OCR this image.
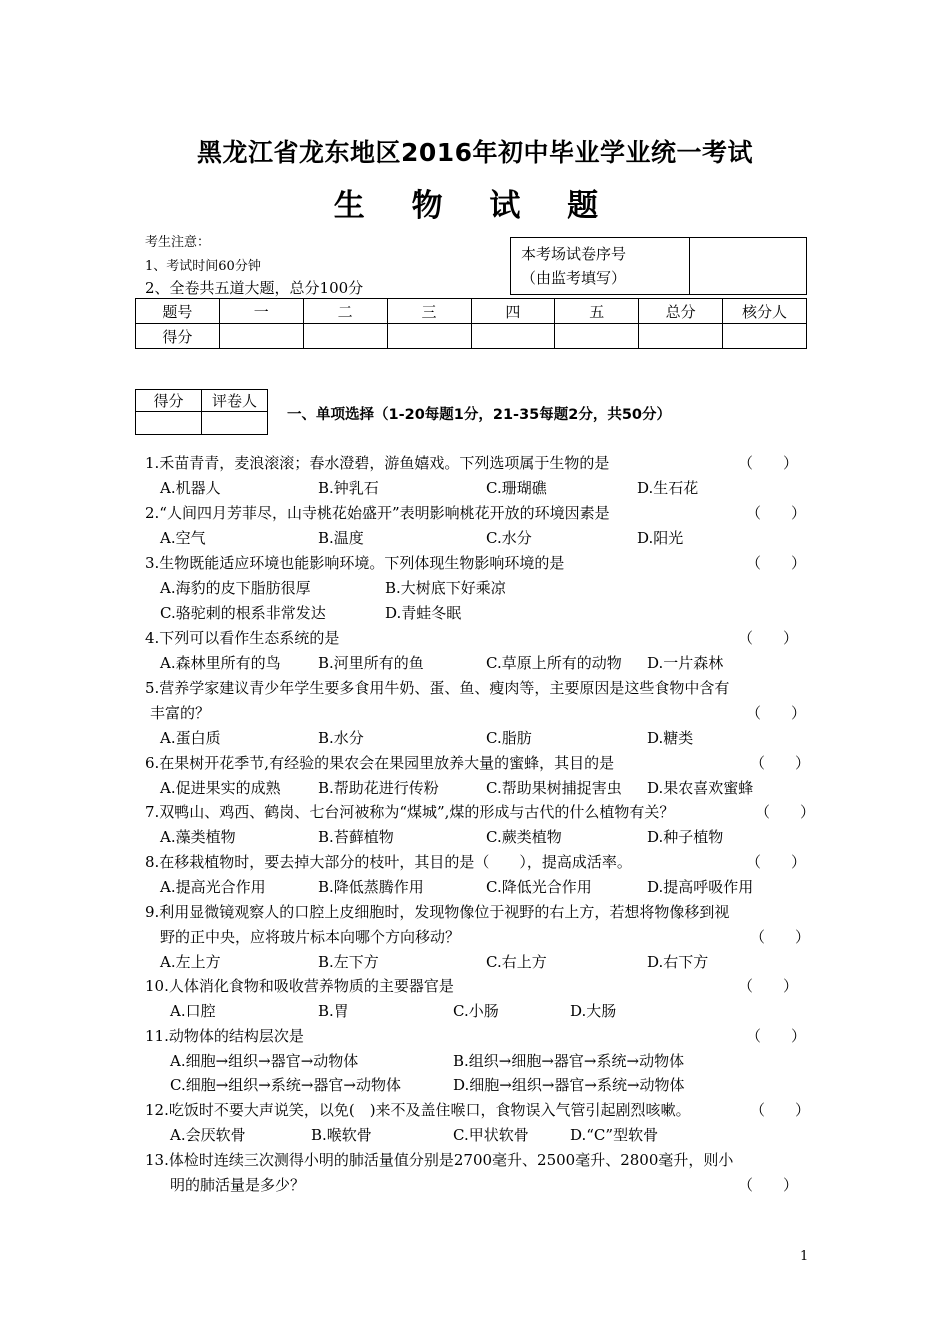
黑龙江省龙东地区2016年初中毕业学业统一考试
生 物 试 题
考生注意：
1、考试时间60分钟
2、全卷共五道大题，总分100分
本考场试卷序号
（由监考填写）

题号	一	二	三	四	五	总分	核分人
得分							
得分	评卷人

一、单项选择（1-20每题1分，21-35每题2分，共50分）
1.禾苗青青，麦浪滚滚；春水澄碧，游鱼嬉戏。下列选项属于生物的是	（　　）
A.机器人	B.钟乳石	C.珊瑚礁	D.生石花
2.“人间四月芳菲尽，山寺桃花始盛开”表明影响桃花开放的环境因素是	（　　）
A.空气	B.温度	C.水分	D.阳光
3.生物既能适应环境也能影响环境。下列体现生物影响环境的是	（　　）
A.海豹的皮下脂肪很厚	B.大树底下好乘凉
C.骆驼刺的根系非常发达	D.青蛙冬眠
4.下列可以看作生态系统的是	（　　）
A.森林里所有的鸟 B.河里所有的鱼	C.草原上所有的动物 D.一片森林
5.营养学家建议青少年学生要多食用牛奶、蛋、鱼、瘦肉等，主要原因是这些食物中含有
丰富的？	（　　）
A.蛋白质	B.水分	C.脂肪	D.糖类
6.在果树开花季节,有经验的果农会在果园里放养大量的蜜蜂，其目的是	（　　）
A.促进果实的成熟 B.帮助花进行传粉	C.帮助果树捕捉害虫 D.果农喜欢蜜蜂
7.双鸭山、鸡西、鹤岗、七台河被称为“煤城”,煤的形成与古代的什么植物有关？	（　　）
A.藻类植物	B.苔藓植物	C.蕨类植物	D.种子植物
8.在移栽植物时，要去掉大部分的枝叶，其目的是（　　），提高成活率。	（　　）
A.提高光合作用	B.降低蒸腾作用	C.降低光合作用	D.提高呼吸作用
9.利用显微镜观察人的口腔上皮细胞时，发现物像位于视野的右上方，若想将物像移到视
野的正中央，应将玻片标本向哪个方向移动？	（　　）
A.左上方	B.左下方	C.右上方	D.右下方
10.人体消化食物和吸收营养物质的主要器官是	（　　）
A.口腔	B.胃	C.小肠	D.大肠
11.动物体的结构层次是	（　　）
A.细胞→组织→器官→动物体	B.组织→细胞→器官→系统→动物体
C.细胞→组织→系统→器官→动物体	D.细胞→组织→器官→系统→动物体
12.吃饭时不要大声说笑，以免(　)来不及盖住喉口，食物误入气管引起剧烈咳嗽。	（　　）
A.会厌软骨	B.喉软骨	C.甲状软骨	D.“C”型软骨
13.体检时连续三次测得小明的肺活量值分别是2700毫升、2500毫升、2800毫升，则小
明的肺活量是多少？	（　　）
1
